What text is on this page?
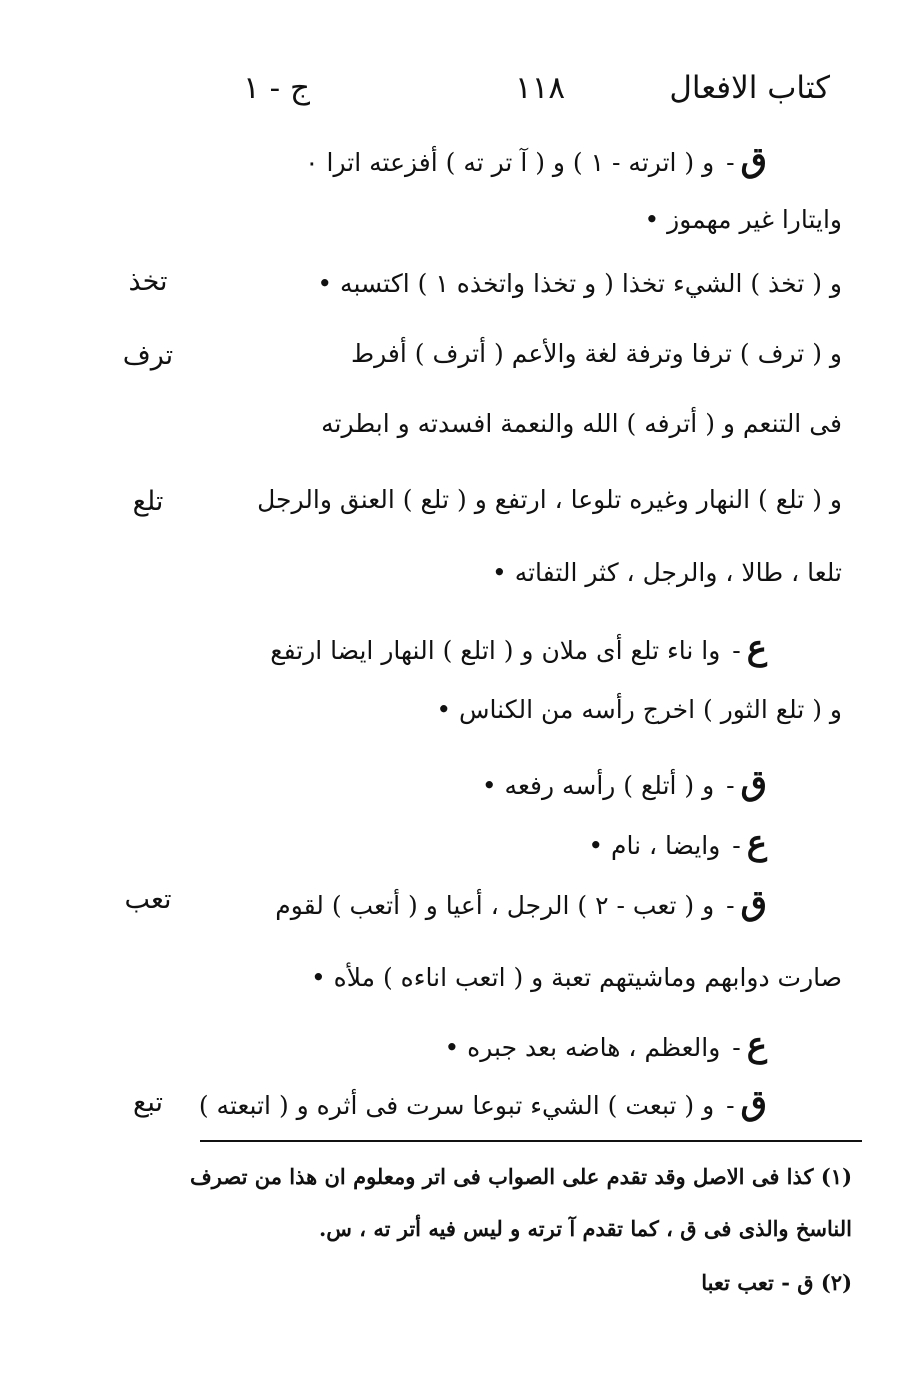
كتاب الافعال
١١٨
ج - ١
تخذ
ترف
تلع
تعب
تبع
ق- و ( اترته - ١ ) و ( آ تر ته ) أفزعته اترا ٠
وايتارا غير مهموز •
و ( تخذ ) الشيء تخذا ( و تخذا واتخذه ١ ) اكتسبه •
و ( ترف ) ترفا وترفة لغة والأعم ( أترف ) أفرط
فى التنعم و ( أترفه ) الله والنعمة افسدته و ابطرته
و ( تلع ) النهار وغيره تلوعا ، ارتفع و ( تلع ) العنق والرجل
تلعا ، طالا ، والرجل ، كثر التفاته •
ع- وا ناء تلع أى ملان و ( اتلع ) النهار ايضا ارتفع
و ( تلع الثور ) اخرج رأسه من الكناس •
ق- و ( أتلع ) رأسه رفعه •
ع- وايضا ، نام •
ق- و ( تعب - ٢ ) الرجل ، أعيا و ( أتعب ) لقوم
صارت دوابهم وماشيتهم تعبة و ( اتعب اناءه ) ملأه •
ع- والعظم ، هاضه بعد جبره •
ق- و ( تبعت ) الشيء تبوعا سرت فى أثره و ( اتبعته )
(١) كذا فى الاصل وقد تقدم على الصواب فى اتر ومعلوم ان هذا من تصرف
الناسخ والذى فى ق ، كما تقدم آ ترته و ليس فيه أتر ته ، س.
(٢) ق - تعب تعبا
